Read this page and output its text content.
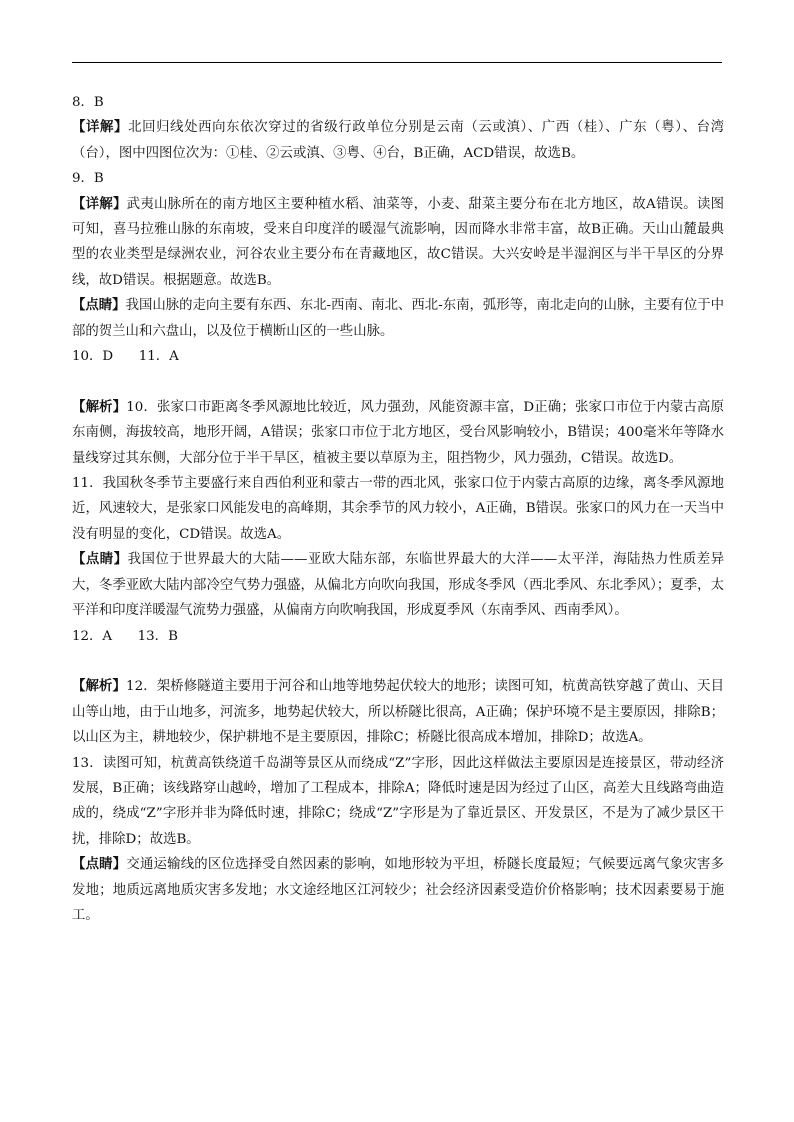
8．B

【详解】北回归线处西向东依次穿过的省级行政单位分别是云南（云或滇）、广西（桂）、广东（粤）、台湾（台），图中四图位次为：①桂、②云或滇、③粤、④台，B正确，ACD错误，故选B。

9．B

【详解】武夷山脉所在的南方地区主要种植水稻、油菜等，小麦、甜菜主要分布在北方地区，故A错误。读图可知，喜马拉雅山脉的东南坡，受来自印度洋的暖湿气流影响，因而降水非常丰富，故B正确。天山山麓最典型的农业类型是绿洲农业，河谷农业主要分布在青藏地区，故C错误。大兴安岭是半湿润区与半干旱区的分界线，故D错误。根据题意。故选B。

【点睛】我国山脉的走向主要有东西、东北-西南、南北、西北-东南，弧形等，南北走向的山脉，主要有位于中部的贺兰山和六盘山，以及位于横断山区的一些山脉。

10．D      11．A

【解析】10．张家口市距离冬季风源地比较近，风力强劲，风能资源丰富，D正确；张家口市位于内蒙古高原东南侧，海拔较高，地形开阔，A错误；张家口市位于北方地区，受台风影响较小，B错误；400毫米年等降水量线穿过其东侧，大部分位于半干旱区，植被主要以草原为主，阻挡物少，风力强劲，C错误。故选D。

11．我国秋冬季节主要盛行来自西伯利亚和蒙古一带的西北风，张家口位于内蒙古高原的边缘，离冬季风源地近，风速较大，是张家口风能发电的高峰期，其余季节的风力较小，A正确，B错误。张家口的风力在一天当中没有明显的变化，CD错误。故选A。

【点睛】我国位于世界最大的大陆——亚欧大陆东部，东临世界最大的大洋——太平洋，海陆热力性质差异大，冬季亚欧大陆内部冷空气势力强盛，从偏北方向吹向我国，形成冬季风（西北季风、东北季风）；夏季，太平洋和印度洋暖湿气流势力强盛，从偏南方向吹响我国，形成夏季风（东南季风、西南季风）。

12．A      13．B

【解析】12．架桥修隧道主要用于河谷和山地等地势起伏较大的地形；读图可知，杭黄高铁穿越了黄山、天目山等山地，由于山地多，河流多，地势起伏较大，所以桥隧比很高，A正确；保护环境不是主要原因，排除B；以山区为主，耕地较少，保护耕地不是主要原因，排除C；桥隧比很高成本增加，排除D；故选A。

13．读图可知，杭黄高铁绕道千岛湖等景区从而绕成“Z”字形，因此这样做法主要原因是连接景区，带动经济发展，B正确；该线路穿山越岭，增加了工程成本，排除A；降低时速是因为经过了山区，高差大且线路弯曲造成的，绕成“Z”字形并非为降低时速，排除C；绕成“Z”字形是为了靠近景区、开发景区，不是为了减少景区干扰，排除D；故选B。

【点睛】交通运输线的区位选择受自然因素的影响，如地形较为平坦，桥隧长度最短；气候要远离气象灾害多发地；地质远离地质灾害多发地；水文途经地区江河较少；社会经济因素受造价价格影响；技术因素要易于施工。
